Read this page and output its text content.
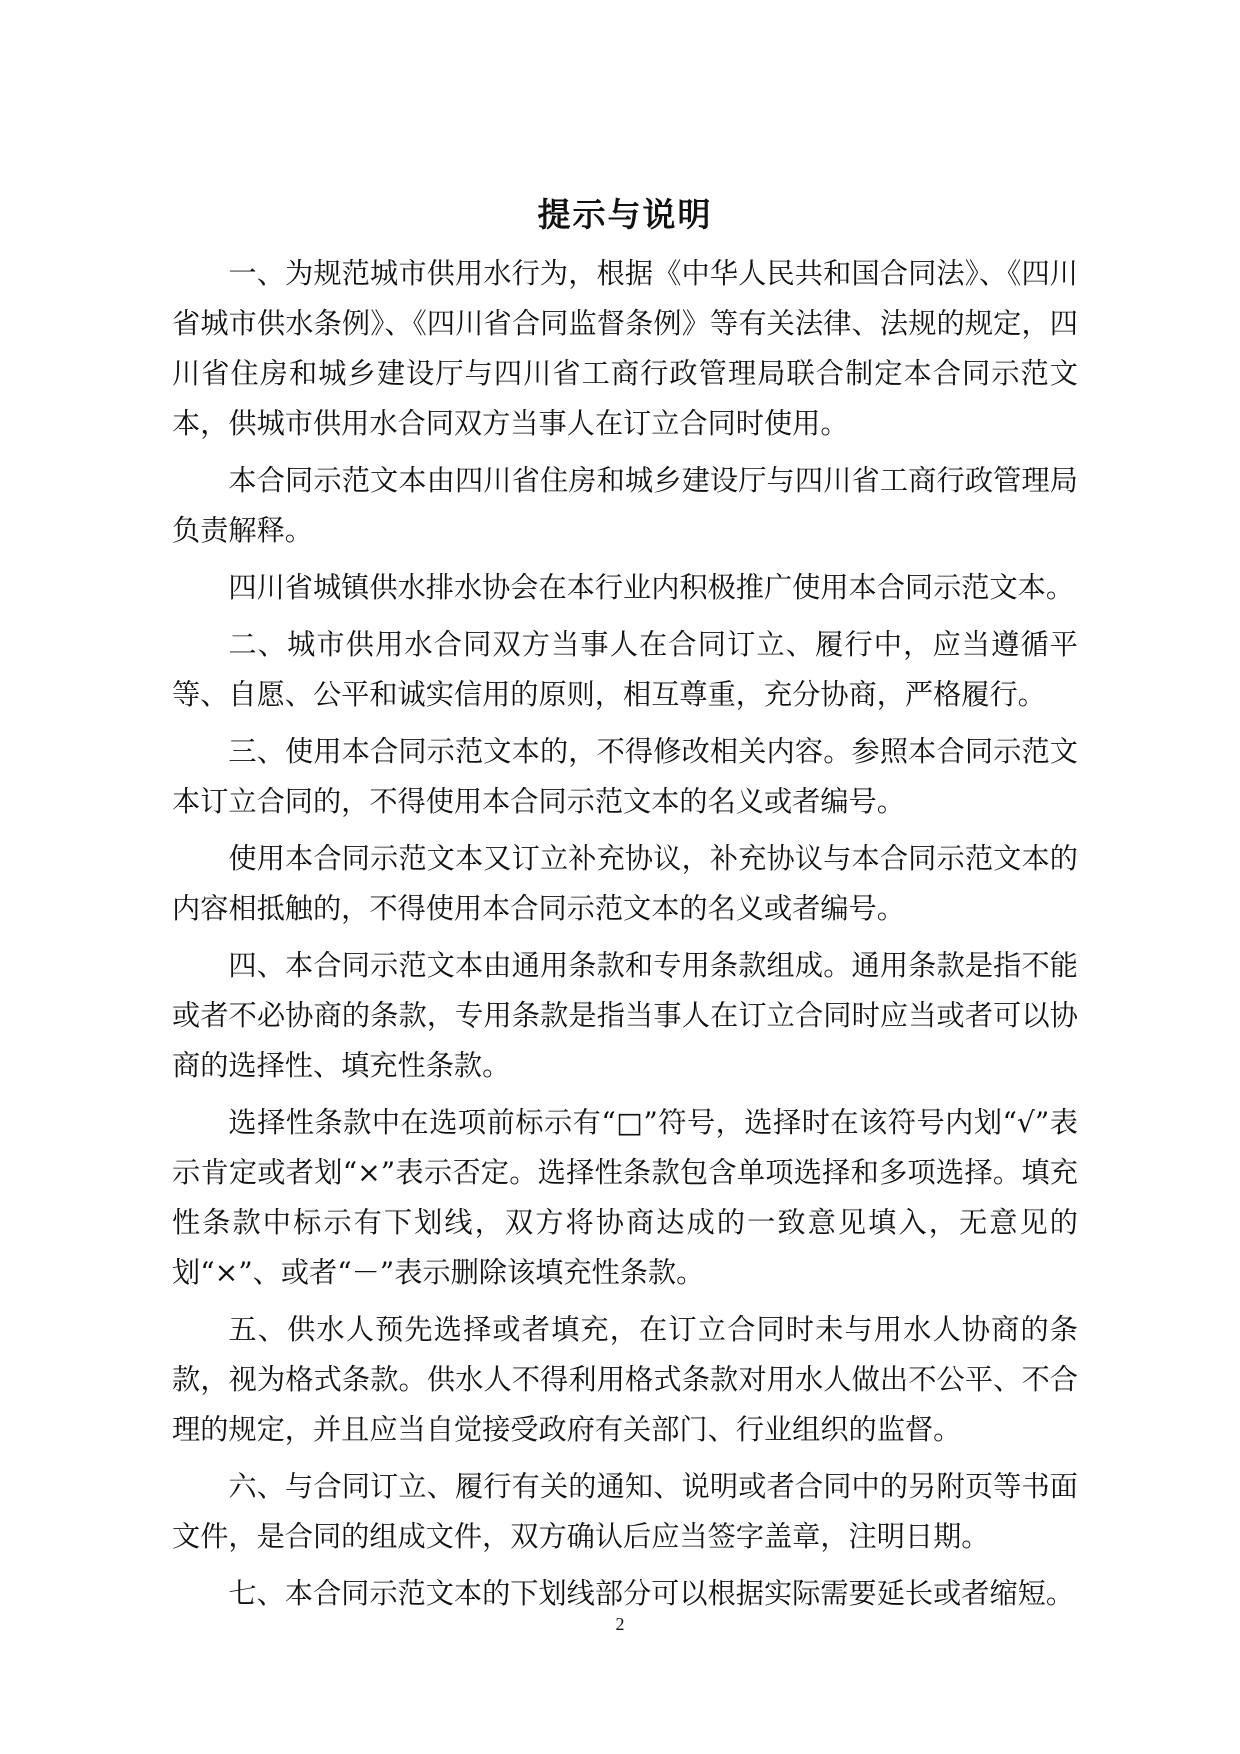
提示与说明

一、为规范城市供用水行为，根据《中华人民共和国合同法》、《四川省城市供水条例》、《四川省合同监督条例》等有关法律、法规的规定，四川省住房和城乡建设厅与四川省工商行政管理局联合制定本合同示范文本，供城市供用水合同双方当事人在订立合同时使用。

本合同示范文本由四川省住房和城乡建设厅与四川省工商行政管理局负责解释。

四川省城镇供水排水协会在本行业内积极推广使用本合同示范文本。

二、城市供用水合同双方当事人在合同订立、履行中，应当遵循平等、自愿、公平和诚实信用的原则，相互尊重，充分协商，严格履行。

三、使用本合同示范文本的，不得修改相关内容。参照本合同示范文本订立合同的，不得使用本合同示范文本的名义或者编号。

使用本合同示范文本又订立补充协议，补充协议与本合同示范文本的内容相抵触的，不得使用本合同示范文本的名义或者编号。

四、本合同示范文本由通用条款和专用条款组成。通用条款是指不能或者不必协商的条款，专用条款是指当事人在订立合同时应当或者可以协商的选择性、填充性条款。

选择性条款中在选项前标示有“□”符号，选择时在该符号内划“√”表示肯定或者划“×”表示否定。选择性条款包含单项选择和多项选择。填充性条款中标示有下划线，双方将协商达成的一致意见填入，无意见的划“×”、或者“－”表示删除该填充性条款。

五、供水人预先选择或者填充，在订立合同时未与用水人协商的条款，视为格式条款。供水人不得利用格式条款对用水人做出不公平、不合理的规定，并且应当自觉接受政府有关部门、行业组织的监督。

六、与合同订立、履行有关的通知、说明或者合同中的另附页等书面文件，是合同的组成文件，双方确认后应当签字盖章，注明日期。

七、本合同示范文本的下划线部分可以根据实际需要延长或者缩短。

2
